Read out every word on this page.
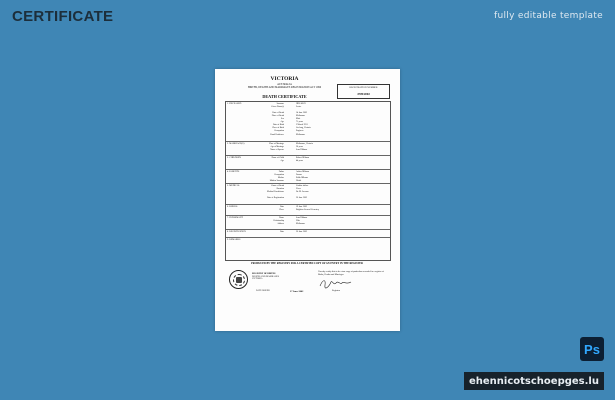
CERTIFICATE	fully editable template
VICTORIA
AUSTRALIA
BIRTHS, DEATHS AND MARRIAGES REGISTRATION ACT 1996
DEATH CERTIFICATE
REGISTRATION NUMBER
4709/2002
1. DECEASED	Surname	HILLMAN
Given Name(s)	Lester
Date of Death	14 June 2002
Place of Death	Melbourne
Sex	Male
Age	71 years
Date of Birth	2 March 1931
Place of Birth	Geelong, Victoria
Occupation	Engineer
Usual Residence	Melbourne
2. MARRIAGE(S)	Place of Marriage	Melbourne, Victoria
Age at Marriage	26 years
Name of Spouse	Joan Hillman
3. CHILDREN	Name of Child	Robert Hillman
Age	44 years
4. PARENTS	Father	Arthur Hillman
Occupation	Farmer
Mother	Edith Hillman
Maiden Surname	Walsh
5. MEDICAL	Cause of Death	Cardiac failure
Duration	Years
Medical Practitioner	Dr. M. Lawson
Date of Registration	20 June 2002
6. BURIAL	Date	19 June 2002
Place	Brighton General Cemetery
7. INFORMANT	Name	Joan Hillman
Relationship	Wife
Address	Melbourne
8. REGISTRATION	Date	20 June 2002
9. REMARKS
PRODUCED BY THE REGISTRY FOR A CERTIFIED COPY OF AN ENTRY IN THE REGISTER
REGISTRY OF BIRTHS
DEATHS AND MARRIAGES
VICTORIA
I hereby certify this to be a true copy of particulars recorded in a register of Births, Deaths and Marriages
DATE ISSUED	17 June 2002	Registrar
Ps
ehennicotschoepges.lu
